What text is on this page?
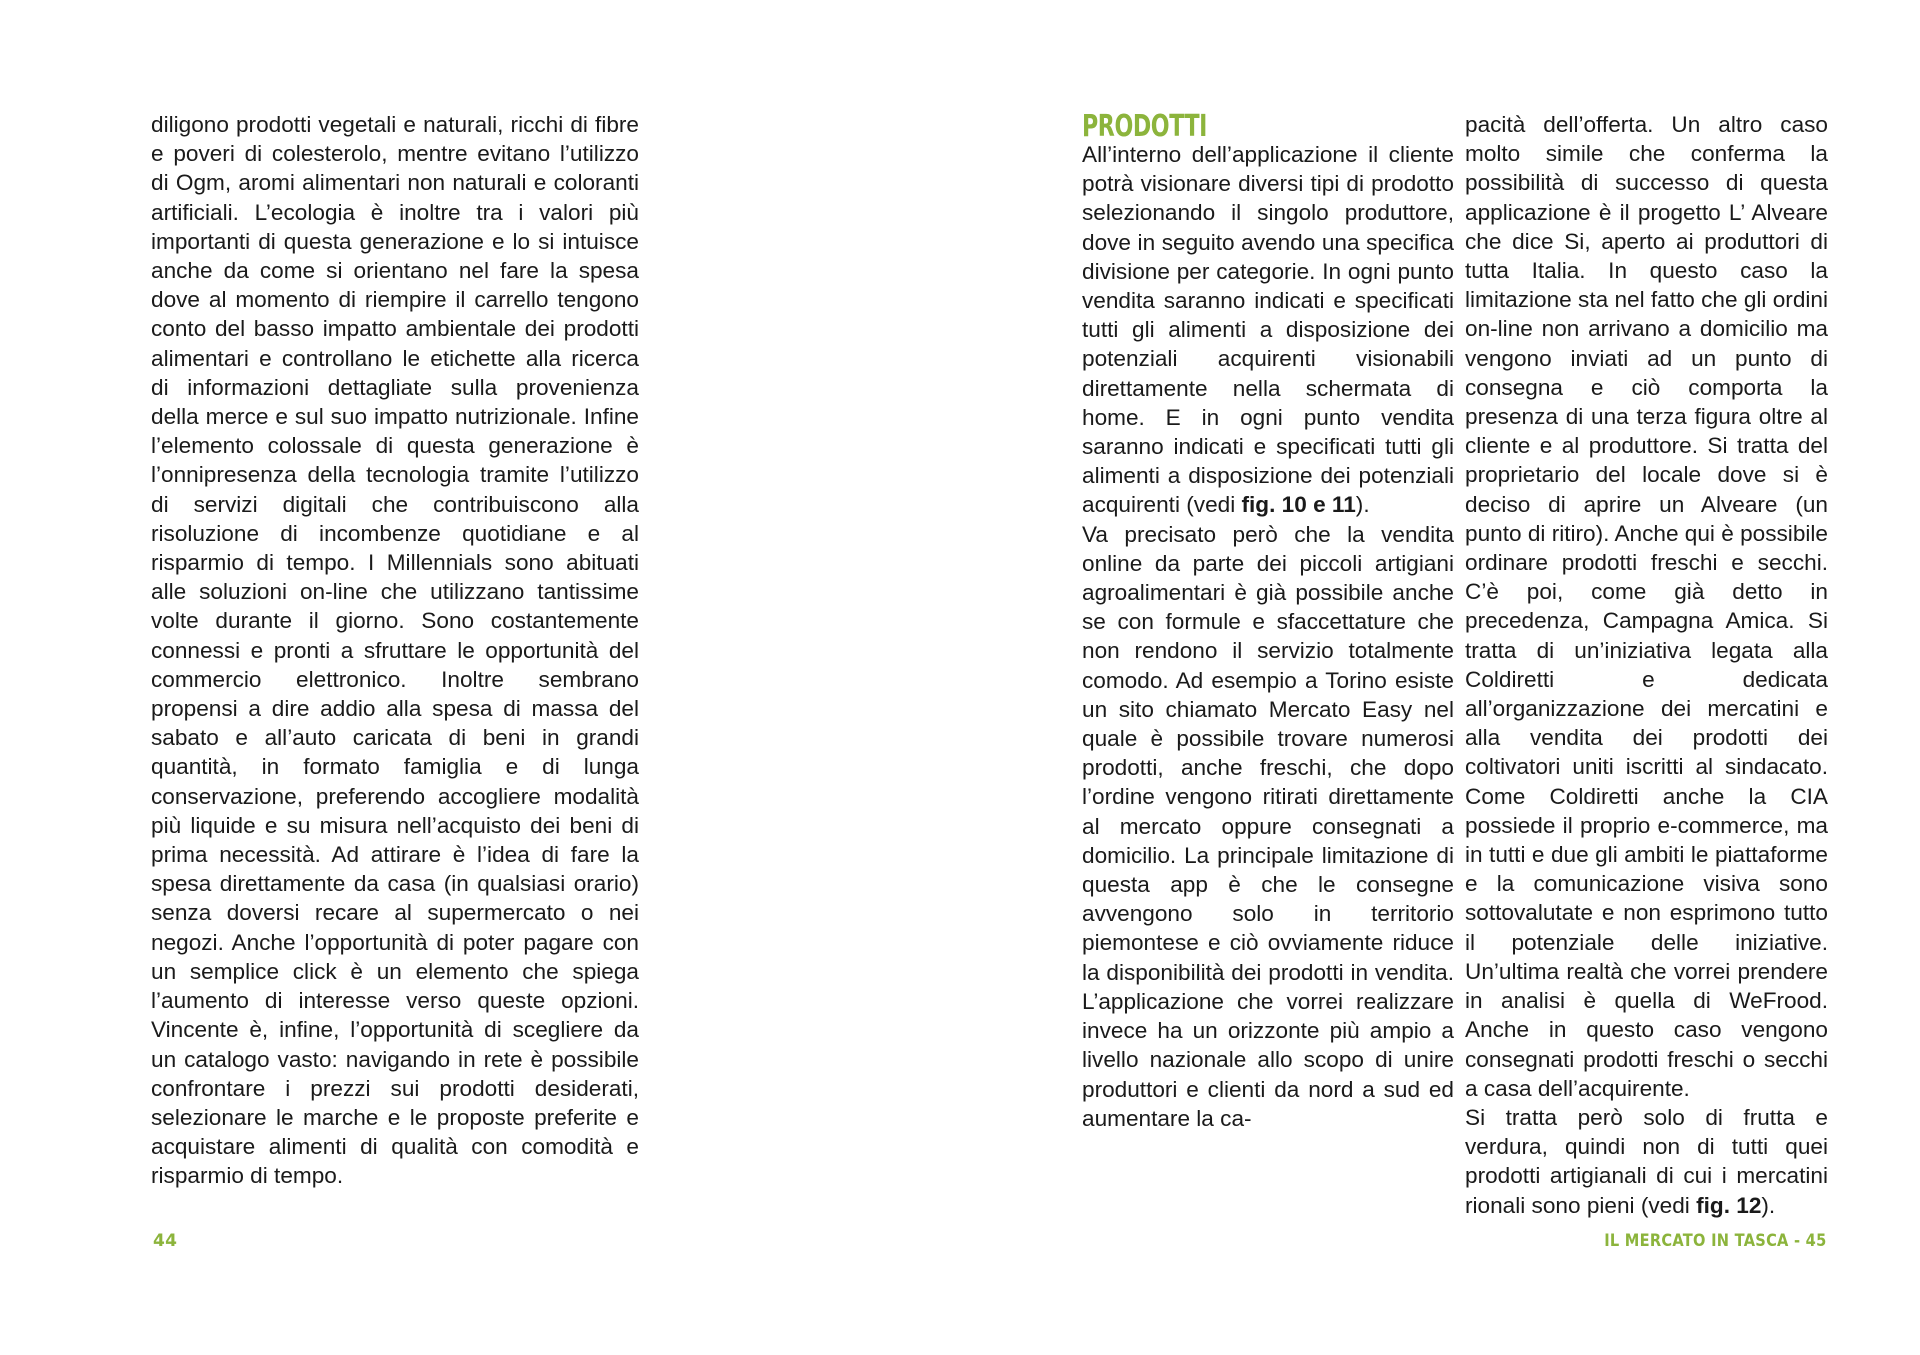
diligono prodotti vegetali e naturali, ricchi di fibre e poveri di colesterolo, mentre evitano l’utilizzo di Ogm, aromi alimentari non naturali e coloranti artificiali. L’ecologia è inoltre tra i valori più importanti di questa generazione e lo si intuisce anche da come si orientano nel fare la spesa dove al momento di riempire il carrello tengono conto del basso impatto ambientale dei prodotti alimentari e controllano le etichette alla ricerca di informazioni dettagliate sulla provenienza della merce e sul suo impatto nutrizionale. Infine l’elemento colossale di questa generazione è l’onnipresenza della tecnologia tramite l’utilizzo di servizi digitali che contribuiscono alla risoluzione di incombenze quotidiane e al risparmio di tempo. I Millennials sono abituati alle soluzioni on-line che utilizzano tantissime volte durante il giorno. Sono costantemente connessi e pronti a sfruttare le opportunità del commercio elettronico. Inoltre sembrano propensi a dire addio alla spesa di massa del sabato e all’auto caricata di beni in grandi quantità, in formato famiglia e di lunga conservazione, preferendo accogliere modalità più liquide e su misura nell’acquisto dei beni di prima necessità. Ad attirare è l’idea di fare la spesa direttamente da casa (in qualsiasi orario) senza doversi recare al supermercato o nei negozi. Anche l’opportunità di poter pagare con un semplice click è un elemento che spiega l’aumento di interesse verso queste opzioni. Vincente è, infine, l’opportunità di scegliere da un catalogo vasto: navigando in rete è possibile confrontare i prezzi sui prodotti desiderati, selezionare le marche e le proposte preferite e acquistare alimenti di qualità con comodità e risparmio di tempo.

44
PRODOTTI

All’interno dell’applicazione il cliente potrà visionare diversi tipi di prodotto selezionando il singolo produttore, dove in seguito avendo una specifica divisione per categorie. In ogni punto vendita saranno indicati e specificati tutti gli alimenti a disposizione dei potenziali acquirenti visionabili direttamente nella schermata di home. E in ogni punto vendita saranno indicati e specificati tutti gli alimenti a disposizione dei potenziali acquirenti (vedi fig. 10 e 11).

Va precisato però che la vendita online da parte dei piccoli artigiani agroalimentari è già possibile anche se con formule e sfaccettature che non rendono il servizio totalmente comodo. Ad esempio a Torino esiste un sito chiamato Mercato Easy nel quale è possibile trovare numerosi prodotti, anche freschi, che dopo l’ordine vengono ritirati direttamente al mercato oppure consegnati a domicilio. La principale limitazione di questa app è che le consegne avvengono solo in territorio piemontese e ciò ovviamente riduce la disponibilità dei prodotti in vendita. L’applicazione che vorrei realizzare invece ha un orizzonte più ampio a livello nazionale allo scopo di unire produttori e clienti da nord a sud ed aumentare la ca-

pacità dell’offerta. Un altro caso molto simile che conferma la possibilità di successo di questa applicazione è il progetto L’ Alveare che dice Si, aperto ai produttori di tutta Italia. In questo caso la limitazione sta nel fatto che gli ordini on-line non arrivano a domicilio ma vengono inviati ad un punto di consegna e ciò comporta la presenza di una terza figura oltre al cliente e al produttore. Si tratta del proprietario del locale dove si è deciso di aprire un Alveare (un punto di ritiro). Anche qui è possibile ordinare prodotti freschi e secchi. C’è poi, come già detto in precedenza, Campagna Amica. Si tratta di un’iniziativa legata alla Coldiretti e dedicata all’organizzazione dei mercatini e alla vendita dei prodotti dei coltivatori uniti iscritti al sindacato. Come Coldiretti anche la CIA possiede il proprio e-commerce, ma in tutti e due gli ambiti le piattaforme e la comunicazione visiva sono sottovalutate e non esprimono tutto il potenziale delle iniziative. Un’ultima realtà che vorrei prendere in analisi è quella di WeFrood. Anche in questo caso vengono consegnati prodotti freschi o secchi a casa dell’acquirente.

Si tratta però solo di frutta e verdura, quindi non di tutti quei prodotti artigianali di cui i mercatini rionali sono pieni (vedi fig. 12).

IL MERCATO IN TASCA - 45
